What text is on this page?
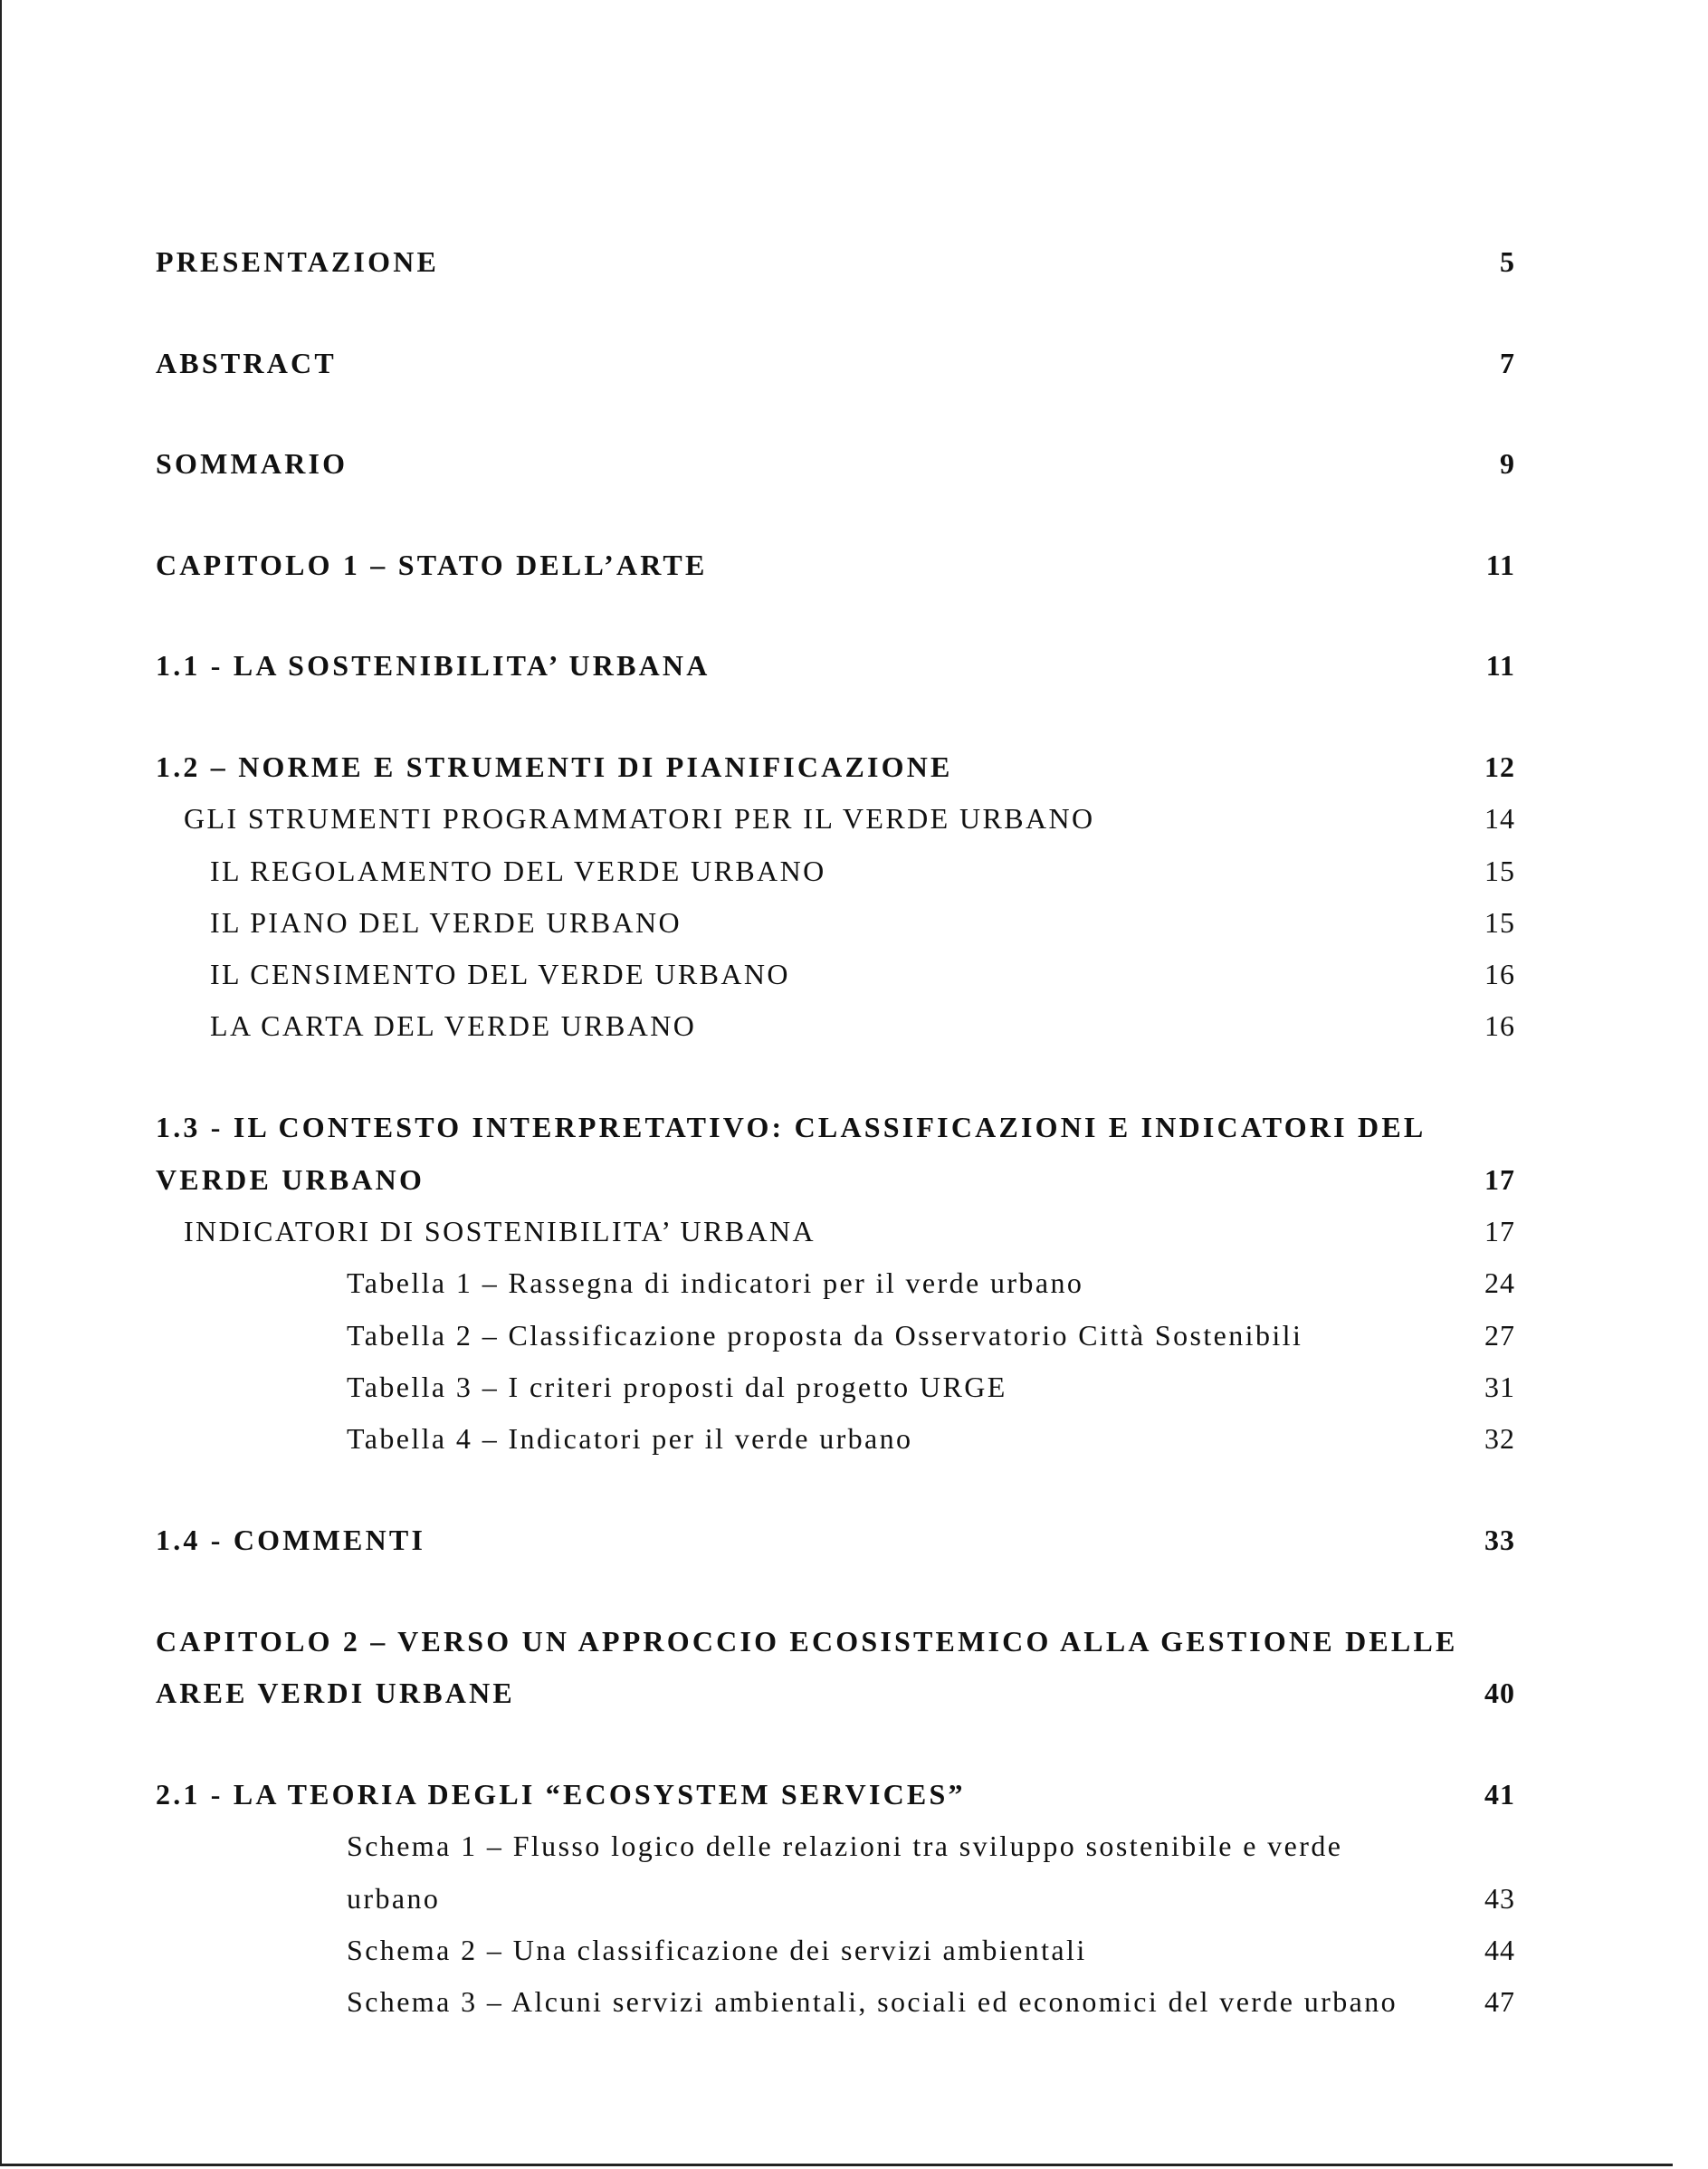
PRESENTAZIONE	5
ABSTRACT	7
SOMMARIO	9
CAPITOLO 1 – STATO DELL’ARTE	11
1.1 - LA SOSTENIBILITA’ URBANA	11
1.2 – NORME E STRUMENTI DI PIANIFICAZIONE	12
GLI STRUMENTI PROGRAMMATORI PER IL VERDE URBANO	14
IL REGOLAMENTO DEL VERDE URBANO	15
IL PIANO DEL VERDE URBANO	15
IL CENSIMENTO DEL VERDE URBANO	16
LA CARTA DEL VERDE URBANO	16
1.3 - IL CONTESTO INTERPRETATIVO: CLASSIFICAZIONI E INDICATORI DEL
VERDE URBANO	17
INDICATORI DI SOSTENIBILITA’ URBANA	17
Tabella 1 – Rassegna di indicatori per il verde urbano	24
Tabella 2 – Classificazione proposta da Osservatorio Città Sostenibili	27
Tabella 3 – I criteri proposti dal progetto URGE	31
Tabella 4 – Indicatori per il verde urbano	32
1.4 - COMMENTI	33
CAPITOLO 2 – VERSO UN APPROCCIO ECOSISTEMICO ALLA GESTIONE DELLE
AREE VERDI URBANE	40
2.1 - LA TEORIA DEGLI “ECOSYSTEM SERVICES”	41
Schema 1 – Flusso logico delle relazioni tra sviluppo sostenibile e verde
urbano	43
Schema 2 – Una classificazione dei servizi ambientali	44
Schema 3 – Alcuni servizi ambientali, sociali ed economici del verde urbano	47
